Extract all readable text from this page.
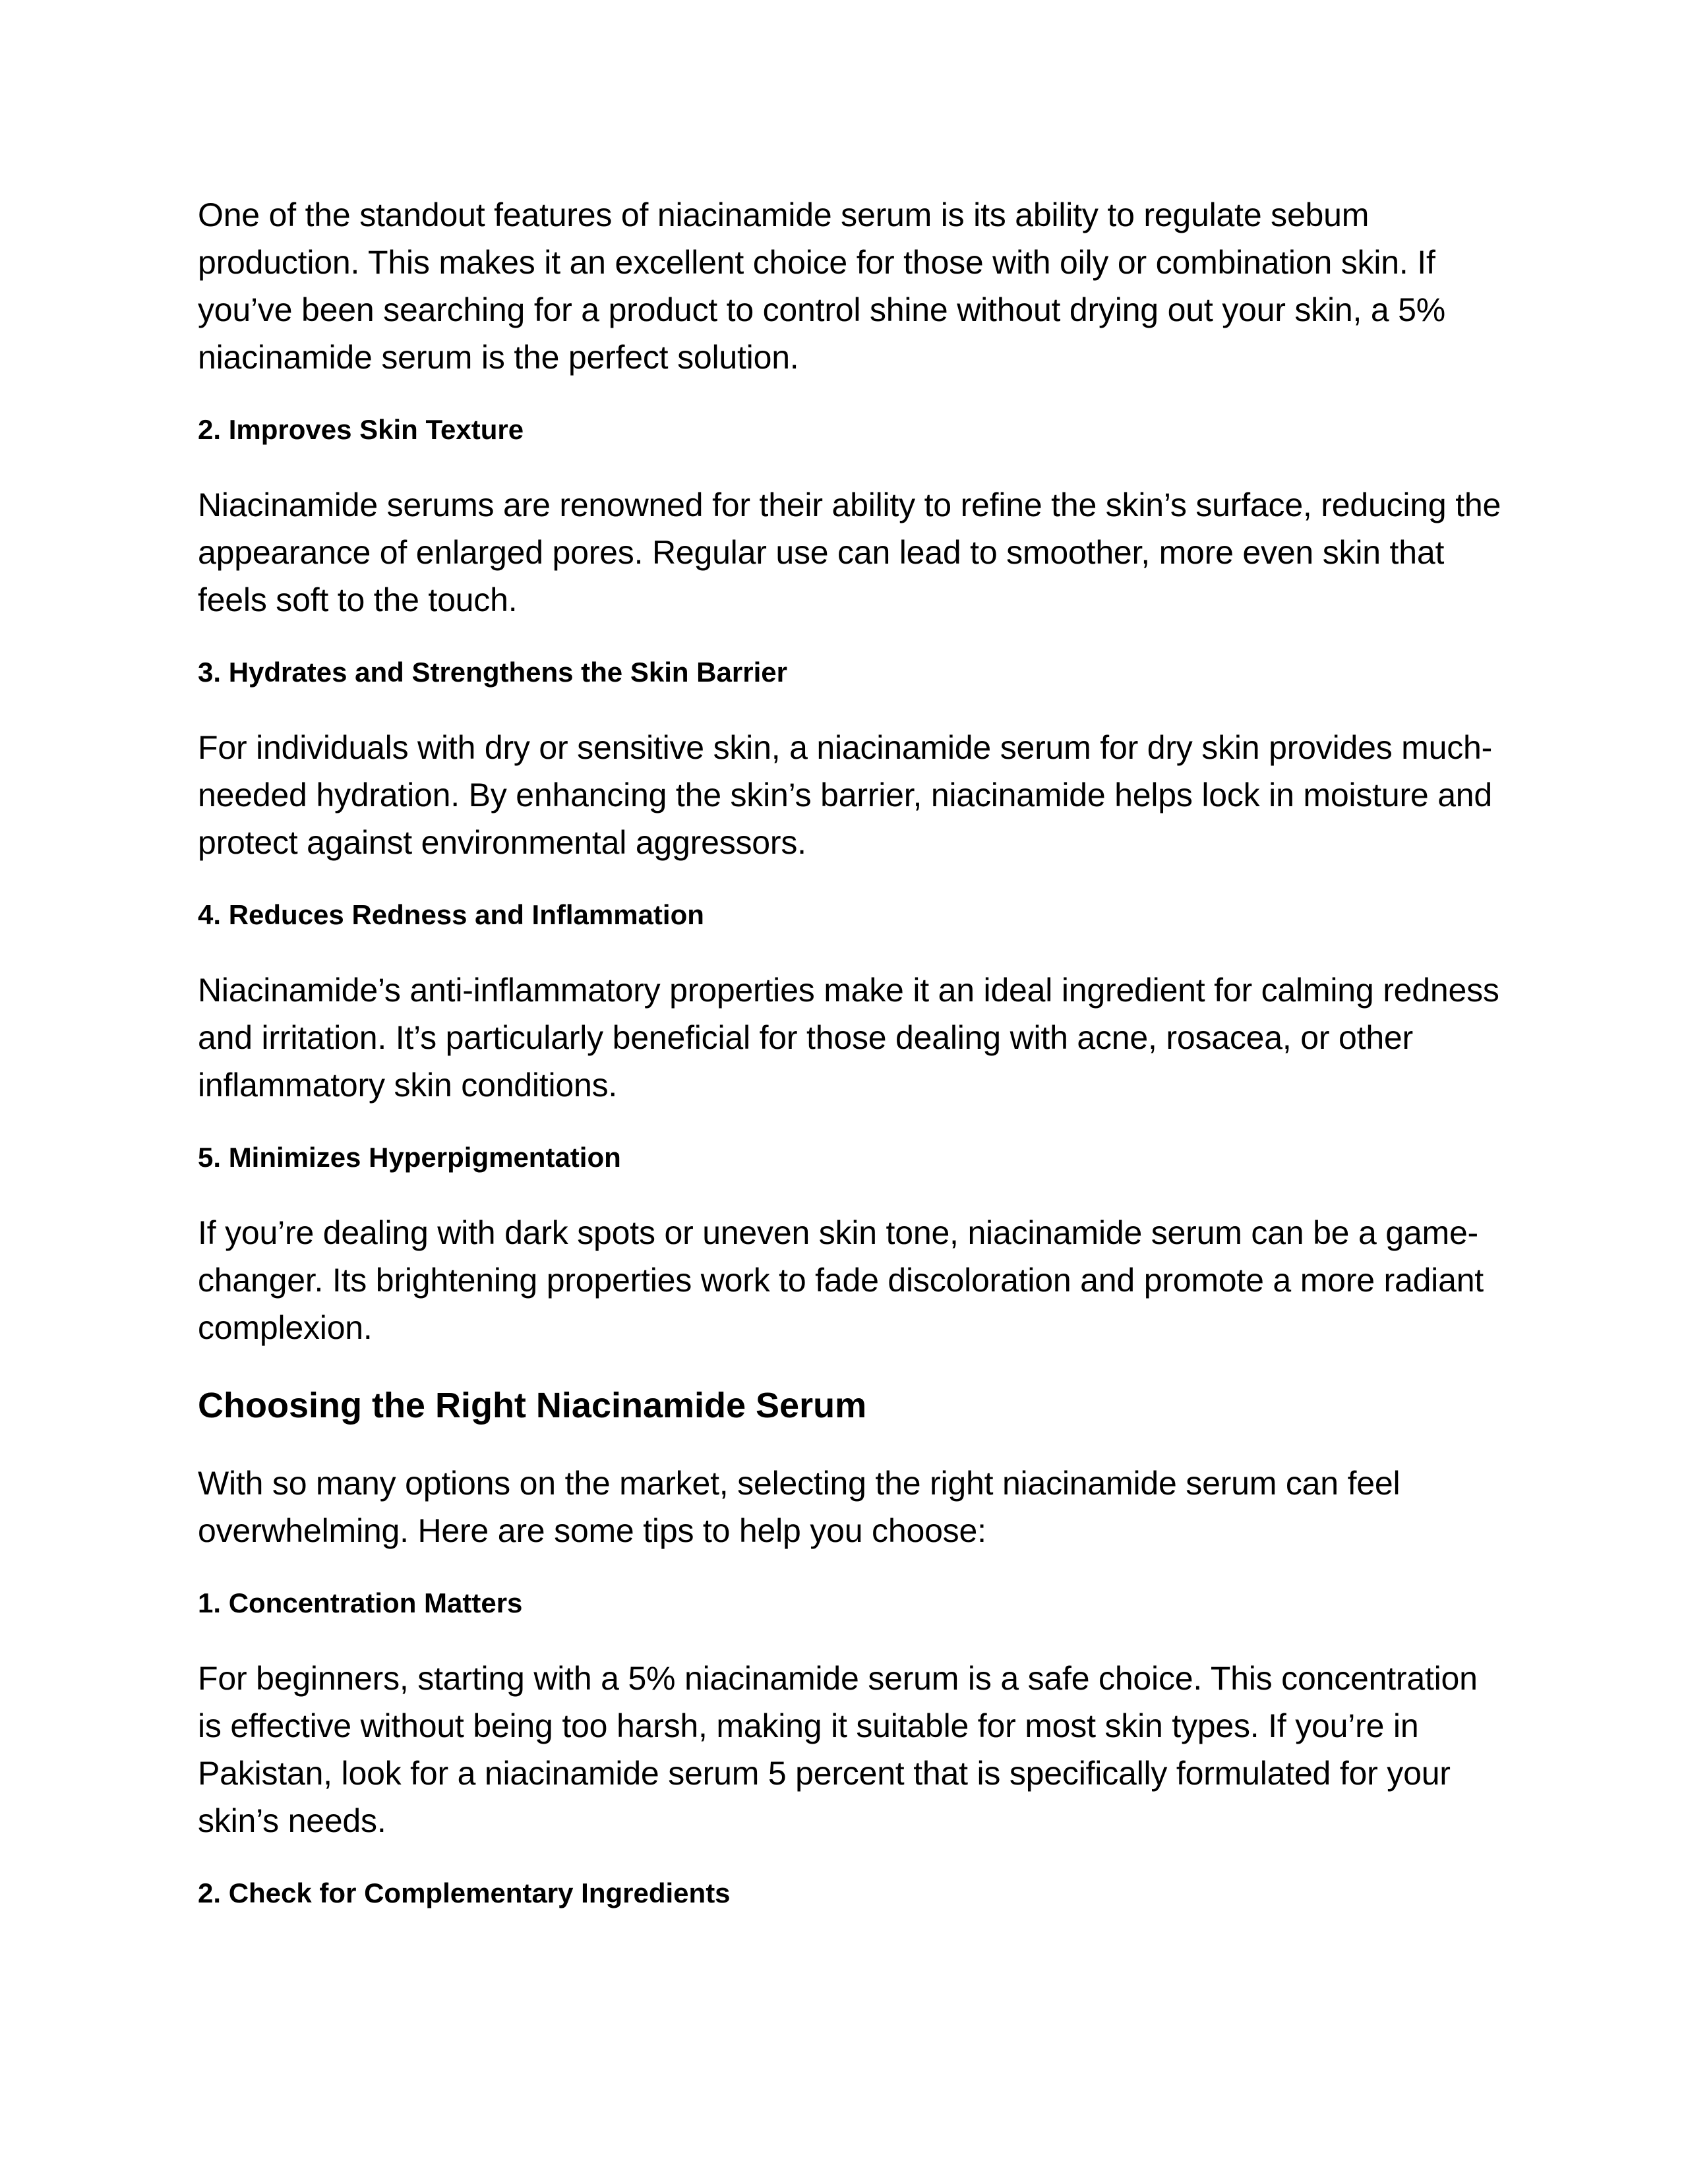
One of the standout features of niacinamide serum is its ability to regulate sebum production. This makes it an excellent choice for those with oily or combination skin. If you’ve been searching for a product to control shine without drying out your skin, a 5% niacinamide serum is the perfect solution.

2. Improves Skin Texture

Niacinamide serums are renowned for their ability to refine the skin’s surface, reducing the appearance of enlarged pores. Regular use can lead to smoother, more even skin that feels soft to the touch.

3. Hydrates and Strengthens the Skin Barrier

For individuals with dry or sensitive skin, a niacinamide serum for dry skin provides much-needed hydration. By enhancing the skin’s barrier, niacinamide helps lock in moisture and protect against environmental aggressors.

4. Reduces Redness and Inflammation

Niacinamide’s anti-inflammatory properties make it an ideal ingredient for calming redness and irritation. It’s particularly beneficial for those dealing with acne, rosacea, or other inflammatory skin conditions.

5. Minimizes Hyperpigmentation

If you’re dealing with dark spots or uneven skin tone, niacinamide serum can be a game-changer. Its brightening properties work to fade discoloration and promote a more radiant complexion.

Choosing the Right Niacinamide Serum

With so many options on the market, selecting the right niacinamide serum can feel overwhelming. Here are some tips to help you choose:

1. Concentration Matters

For beginners, starting with a 5% niacinamide serum is a safe choice. This concentration is effective without being too harsh, making it suitable for most skin types. If you’re in Pakistan, look for a niacinamide serum 5 percent that is specifically formulated for your skin’s needs.

2. Check for Complementary Ingredients
